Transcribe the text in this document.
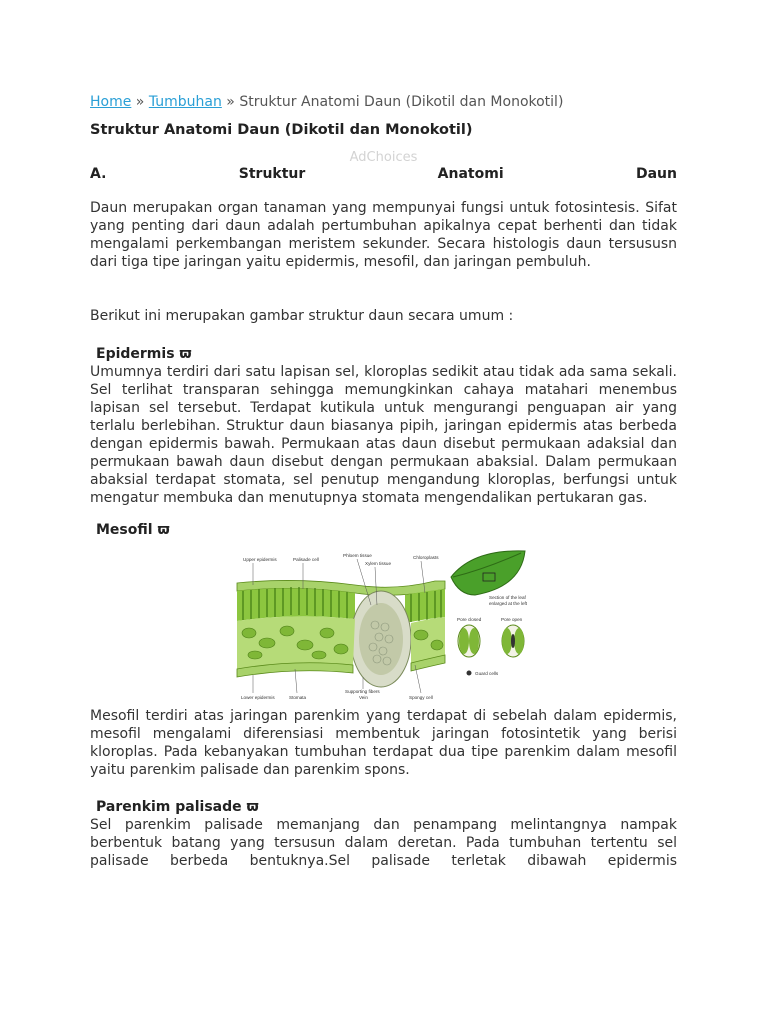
Home » Tumbuhan » Struktur Anatomi Daun (Dikotil dan Monokotil)
Struktur Anatomi Daun (Dikotil dan Monokotil)
AdChoices
A. Struktur Anatomi Daun

Daun merupakan organ tanaman yang mempunyai fungsi untuk fotosintesis. Sifat yang penting dari daun adalah pertumbuhan apikalnya cepat berhenti dan tidak mengalami perkembangan meristem sekunder. Secara histologis daun tersususn dari tiga tipe jaringan yaitu epidermis, mesofil, dan jaringan pembuluh.

Berikut ini merupakan gambar struktur daun secara umum :

Epidermis ϖ

Umumnya terdiri dari satu lapisan sel, kloroplas sedikit atau tidak ada sama sekali. Sel terlihat transparan sehingga memungkinkan cahaya matahari menembus lapisan sel tersebut. Terdapat kutikula untuk mengurangi penguapan air yang terlalu berlebihan. Struktur daun biasanya pipih, jaringan epidermis atas berbeda dengan epidermis bawah. Permukaan atas daun disebut permukaan adaksial dan permukaan bawah daun disebut dengan permukaan abaksial. Dalam permukaan abaksial terdapat stomata, sel penutup mengandung kloroplas, berfungsi untuk mengatur membuka dan menutupnya stomata mengendalikan pertukaran gas.

Mesofil ϖ
Upper epidermis	Palisade cell
Phloem tissue
Xylem tissue
Chloroplasts
Section of the leaf
enlarged at the left
Pore closed	Pore open
Guard cells
Lower epidermis	Stomata
Supporting fibers
Vein	Spongy cell

Mesofil terdiri atas jaringan parenkim yang terdapat di sebelah dalam epidermis, mesofil mengalami diferensiasi membentuk jaringan fotosintetik yang berisi kloroplas. Pada kebanyakan tumbuhan terdapat dua tipe parenkim dalam mesofil yaitu parenkim palisade dan parenkim spons.

Parenkim palisade ϖ

Sel parenkim palisade memanjang dan penampang melintangnya nampak berbentuk batang yang tersusun dalam deretan. Pada tumbuhan tertentu sel palisade berbeda bentuknya.Sel palisade terletak dibawah epidermis
